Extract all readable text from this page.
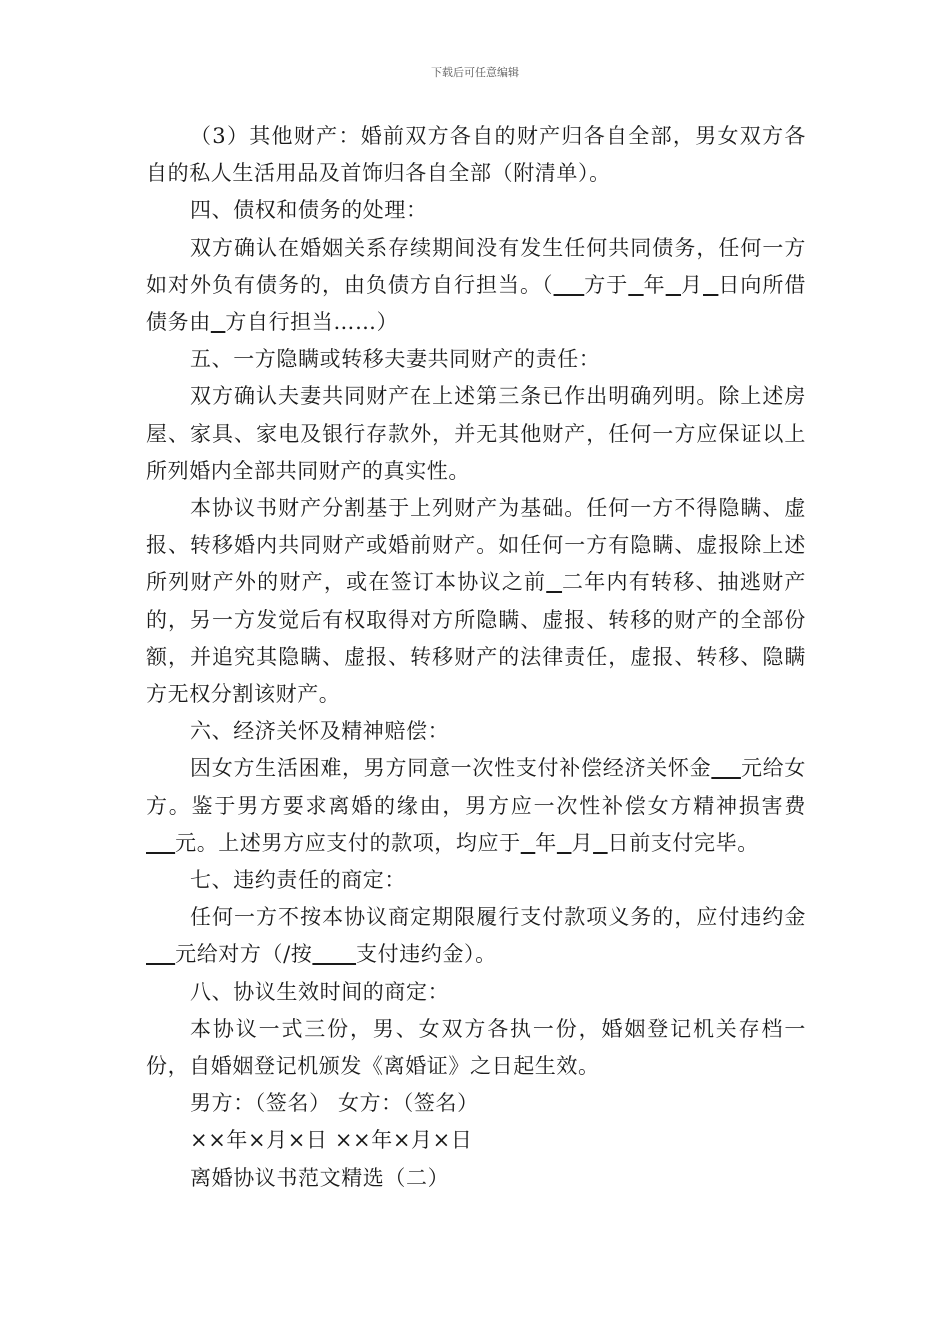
下载后可任意编辑

（3）其他财产：婚前双方各自的财产归各自全部，男女双方各自的私人生活用品及首饰归各自全部（附清单）。

四、债权和债务的处理：

双方确认在婚姻关系存续期间没有发生任何共同债务，任何一方如对外负有债务的，由负债方自行担当。（ 方于 年 月 日向所借债务由 方自行担当……）

五、一方隐瞒或转移夫妻共同财产的责任：

双方确认夫妻共同财产在上述第三条已作出明确列明。除上述房屋、家具、家电及银行存款外，并无其他财产，任何一方应保证以上所列婚内全部共同财产的真实性。

本协议书财产分割基于上列财产为基础。任何一方不得隐瞒、虚报、转移婚内共同财产或婚前财产。如任何一方有隐瞒、虚报除上述所列财产外的财产，或在签订本协议之前 二年内有转移、抽逃财产的，另一方发觉后有权取得对方所隐瞒、虚报、转移的财产的全部份额，并追究其隐瞒、虚报、转移财产的法律责任，虚报、转移、隐瞒方无权分割该财产。

六、经济关怀及精神赔偿：

因女方生活困难，男方同意一次性支付补偿经济关怀金 元给女方。鉴于男方要求离婚的缘由，男方应一次性补偿女方精神损害费    元。上述男方应支付的款项，均应于 年 月 日前支付完毕。

七、违约责任的商定：

任何一方不按本协议商定期限履行支付款项义务的，应付违约金    元给对方（/按 支付违约金）。

八、协议生效时间的商定：

本协议一式三份，男、女双方各执一份，婚姻登记机关存档一份，自婚姻登记机颁发《离婚证》之日起生效。

男方：（签名） 女方：（签名）

××年×月×日 ××年×月×日

离婚协议书范文精选（二）
